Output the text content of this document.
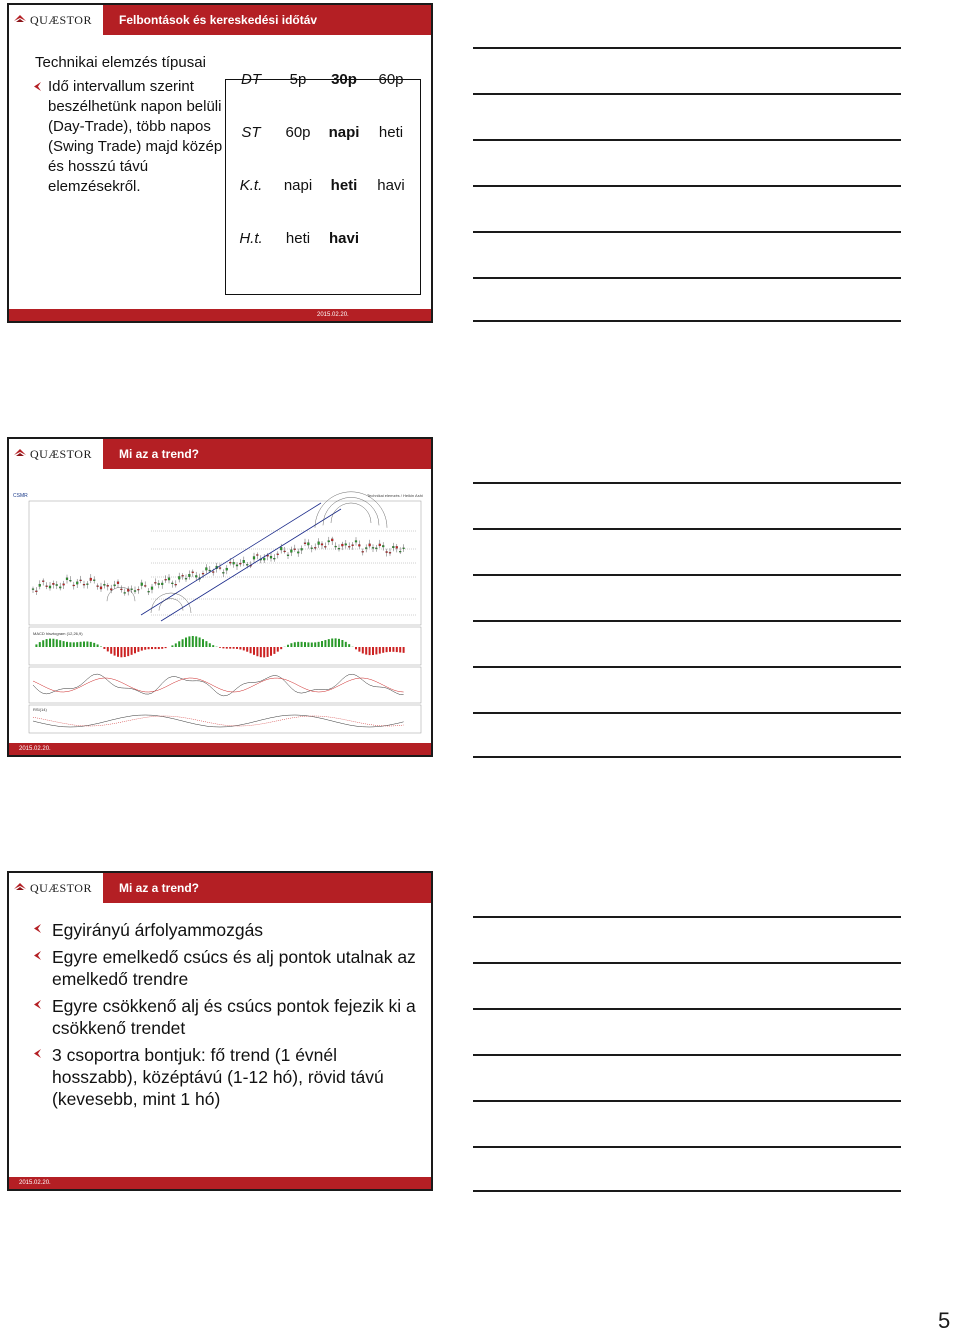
QUÆSTOR	Felbontások és kereskedési időtáv
Technikai elemzés típusai
Idő intervallum szerint beszélhetünk napon belüli (Day-Trade), több napos (Swing Trade) majd közép és hosszú távú elemzésekről.
DT	5p	30p	60p
ST	60p	napi	heti
K.t.	napi	heti	havi
H.t.	heti	havi	
2015.02.20.
QUÆSTOR	Mi az a trend?
CSMR	Technikai elemzés / Heikin Ashi
MACD hisztogram (12,26,9)
RSI(14)
2015.02.20.
QUÆSTOR	Mi az a trend?
Egyirányú árfolyammozgás
Egyre emelkedő csúcs és alj pontok utalnak az emelkedő trendre
Egyre csökkenő alj és csúcs pontok fejezik ki a csökkenő trendet
3 csoportra bontjuk: fő trend (1 évnél hosszabb), középtávú (1-12 hó), rövid távú (kevesebb, mint 1 hó)
2015.02.20.
5
